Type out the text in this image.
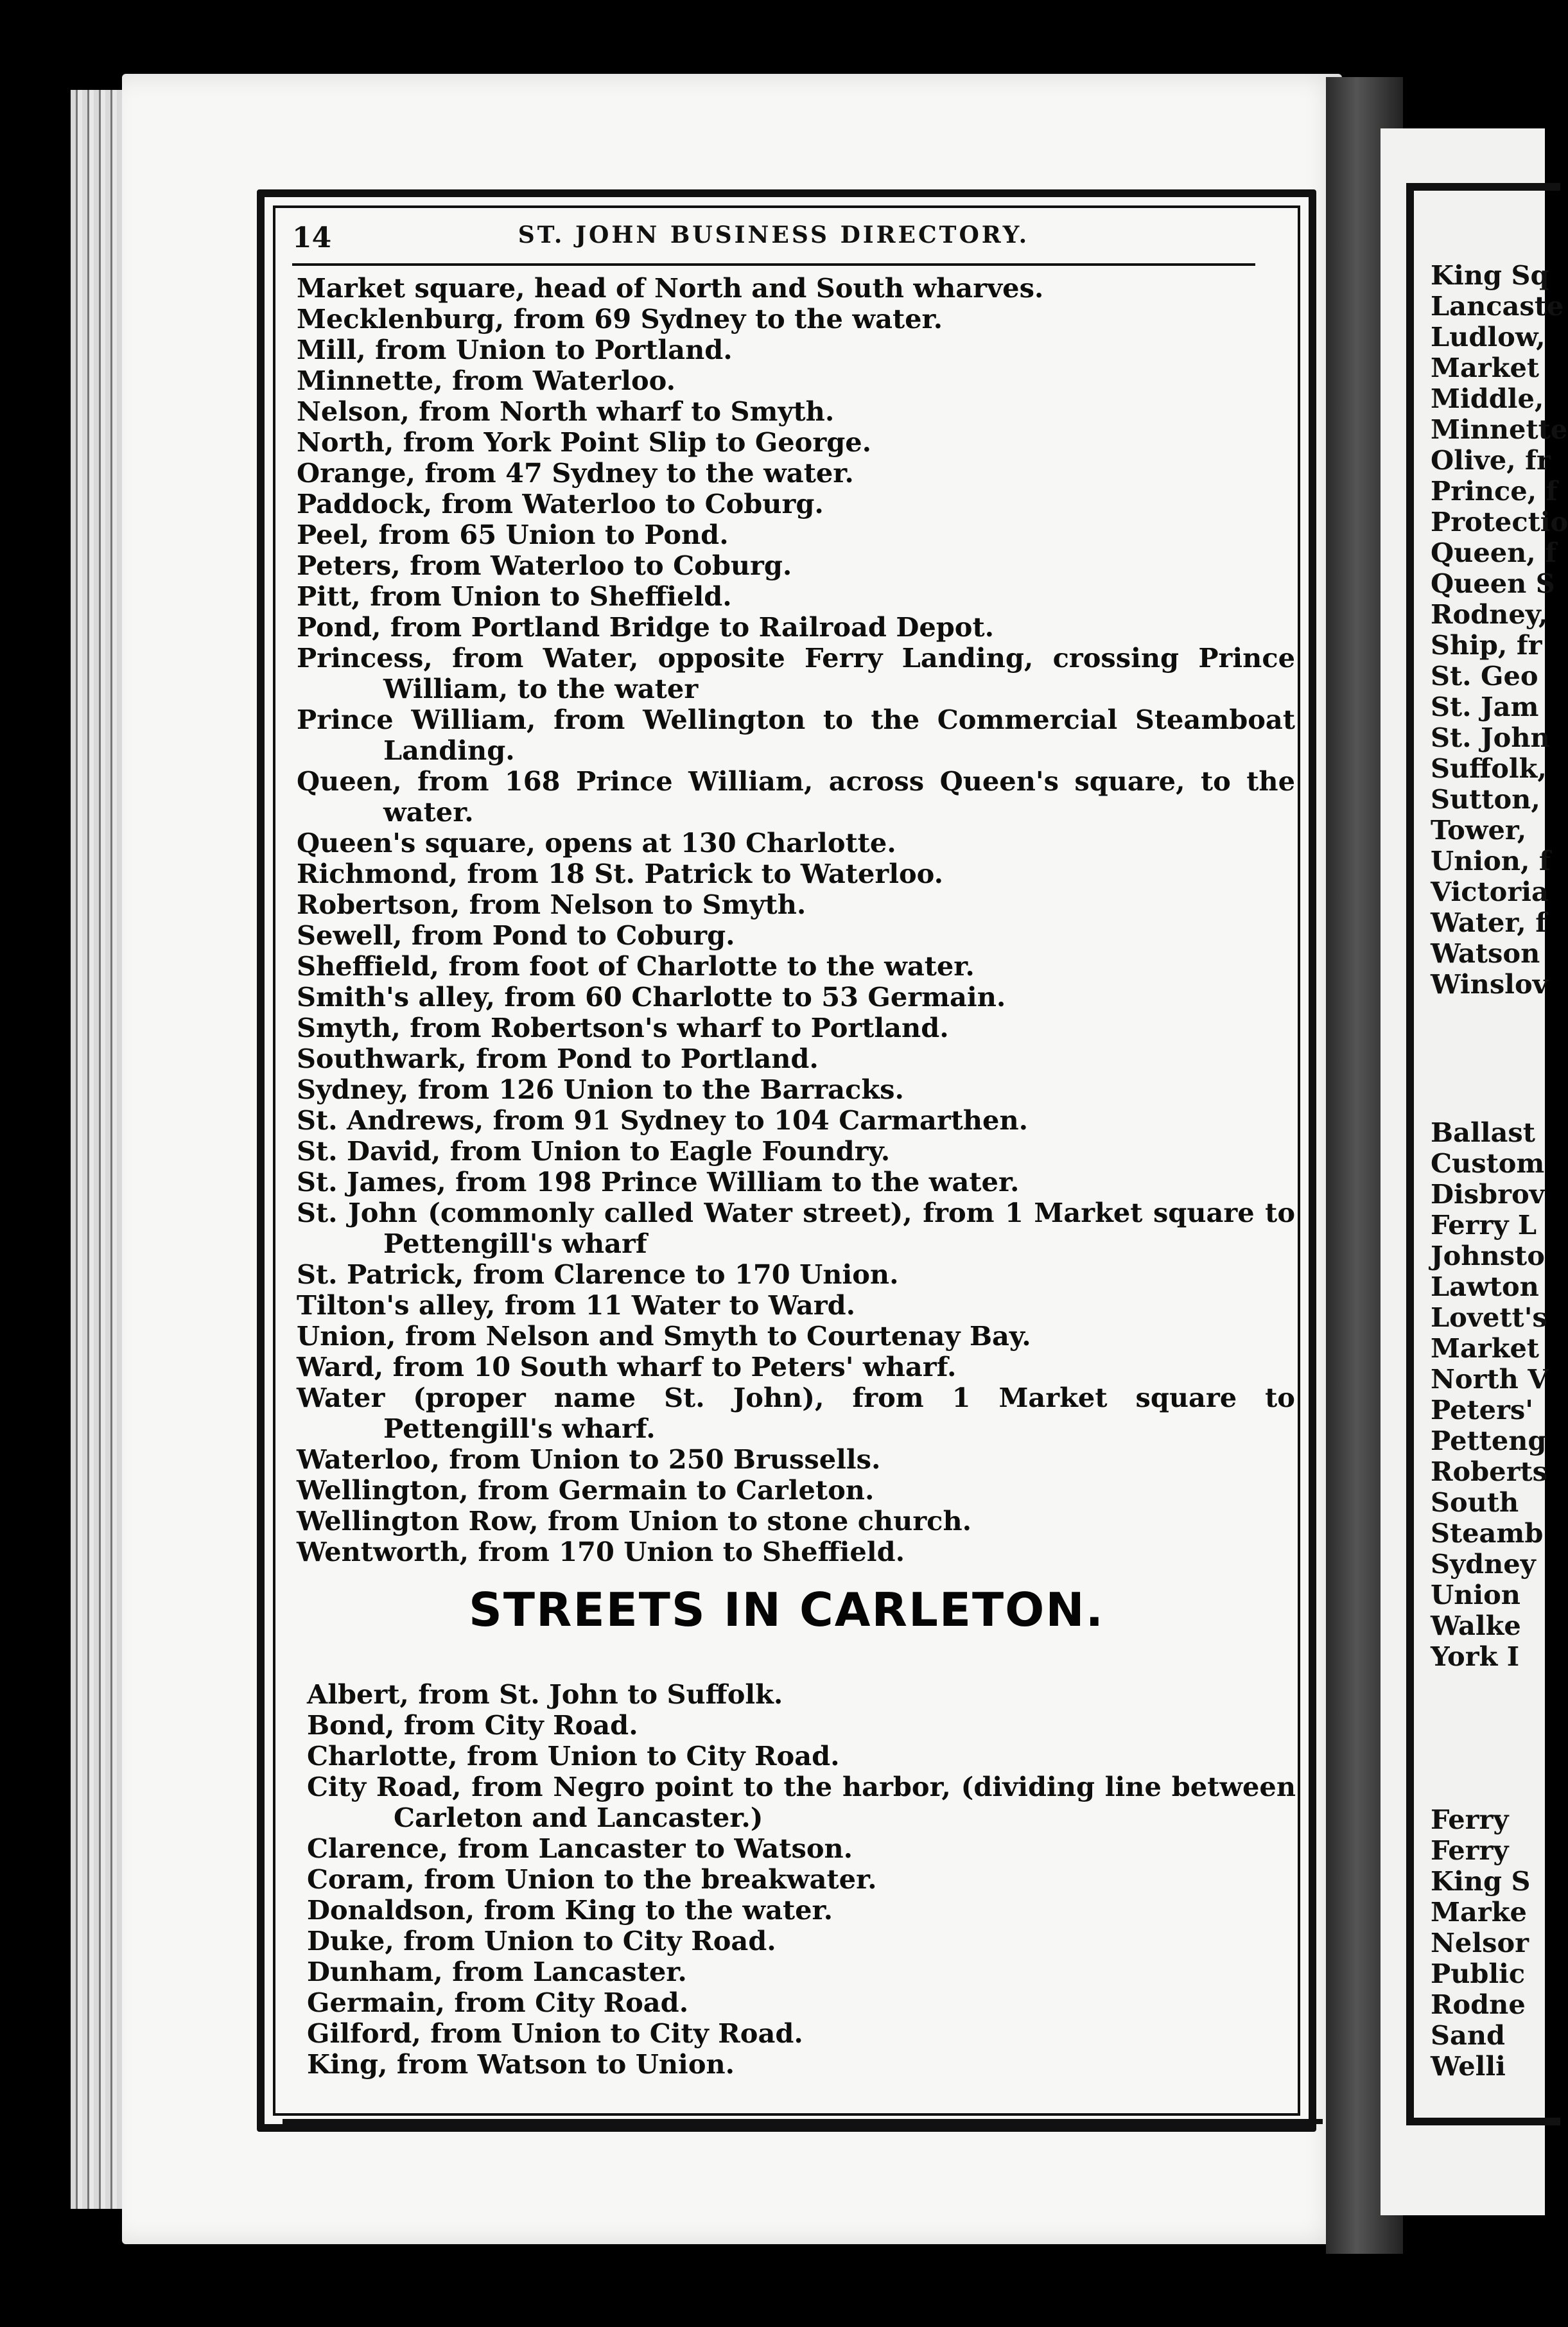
14	ST. JOHN BUSINESS DIRECTORY.
Market square, head of North and South wharves.
Mecklenburg, from 69 Sydney to the water.
Mill, from Union to Portland.
Minnette, from Waterloo.
Nelson, from North wharf to Smyth.
North, from York Point Slip to George.
Orange, from 47 Sydney to the water.
Paddock, from Waterloo to Coburg.
Peel, from 65 Union to Pond.
Peters, from Waterloo to Coburg.
Pitt, from Union to Sheffield.
Pond, from Portland Bridge to Railroad Depot.
Princess, from Water, opposite Ferry Landing, crossing Prince William, to the water
Prince William, from Wellington to the Commercial Steamboat Landing.
Queen, from 168 Prince William, across Queen's square, to the water.
Queen's square, opens at 130 Charlotte.
Richmond, from 18 St. Patrick to Waterloo.
Robertson, from Nelson to Smyth.
Sewell, from Pond to Coburg.
Sheffield, from foot of Charlotte to the water.
Smith's alley, from 60 Charlotte to 53 Germain.
Smyth, from Robertson's wharf to Portland.
Southwark, from Pond to Portland.
Sydney, from 126 Union to the Barracks.
St. Andrews, from 91 Sydney to 104 Carmarthen.
St. David, from Union to Eagle Foundry.
St. James, from 198 Prince William to the water.
St. John (commonly called Water street), from 1 Market square to Pettengill's wharf
St. Patrick, from Clarence to 170 Union.
Tilton's alley, from 11 Water to Ward.
Union, from Nelson and Smyth to Courtenay Bay.
Ward, from 10 South wharf to Peters' wharf.
Water (proper name St. John), from 1 Market square to Pettengill's wharf.
Waterloo, from Union to 250 Brussells.
Wellington, from Germain to Carleton.
Wellington Row, from Union to stone church.
Wentworth, from 170 Union to Sheffield.
STREETS IN CARLETON.
Albert, from St. John to Suffolk.
Bond, from City Road.
Charlotte, from Union to City Road.
City Road, from Negro point to the harbor, (dividing line between Carleton and Lancaster.)
Clarence, from Lancaster to Watson.
Coram, from Union to the breakwater.
Donaldson, from King to the water.
Duke, from Union to City Road.
Dunham, from Lancaster.
Germain, from City Road.
Gilford, from Union to City Road.
King, from Watson to Union.
King Sq
Lancaste
Ludlow,
Market
Middle,
Minnette
Olive, fr
Prince, f
Protectio
Queen, f
Queen S
Rodney,
Ship, fr
St. Geo
St. Jam
St. John
Suffolk,
Sutton,
Tower,
Union, f
Victoria
Water, f
Watson
Winslov
Ballast
Custom
Disbrov
Ferry L
Johnsto
Lawton
Lovett's
Market
North V
Peters'
Petteng
Roberts
South
Steamb
Sydney
Union
Walke
York I
Ferry
Ferry
King S
Marke
Nelsor
Public
Rodne
Sand
Welli
